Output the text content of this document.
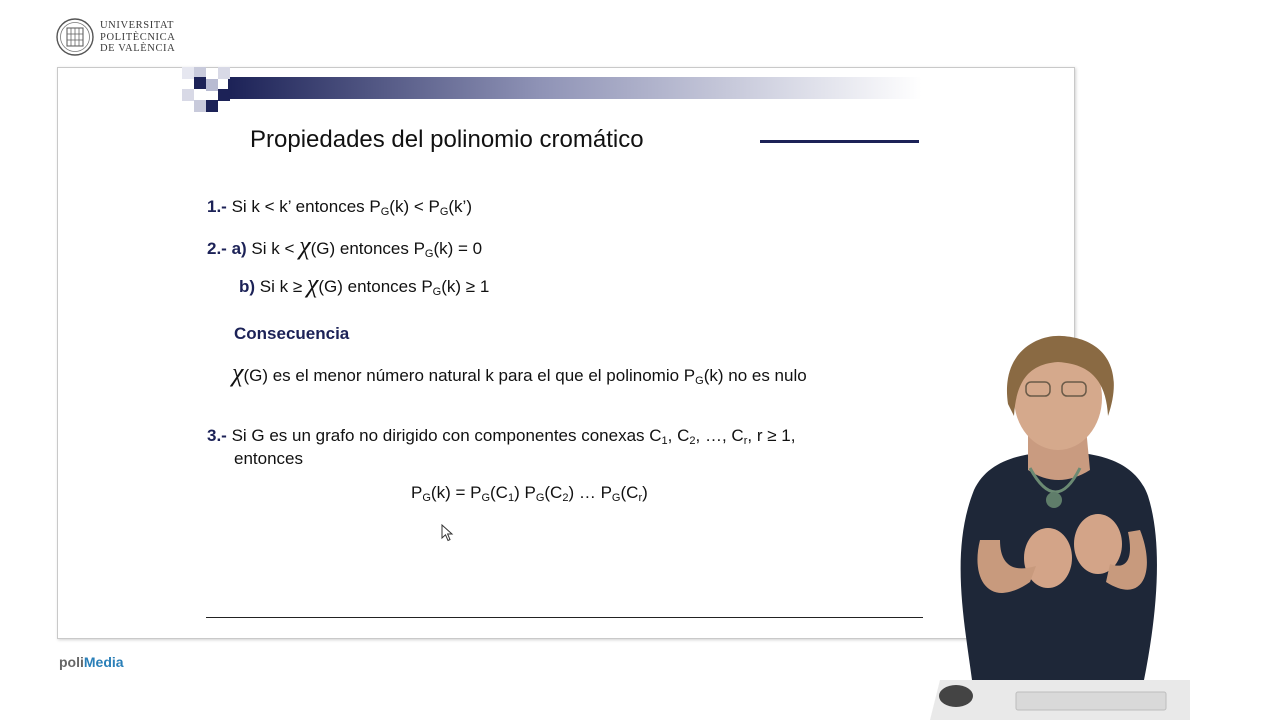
UNIVERSITAT
POLITÈCNICA
DE VALÈNCIA
Propiedades del polinomio cromático
1.- Si k < k’ entonces $P_G(k)$ < $P_G(k’)$
2.- a) Si k < χ(G) entonces $P_G(k) = 0$
b) Si k ≥ χ(G) entonces $P_G(k) \ge 1$
Consecuencia
χ(G) es el menor número natural k para el que el polinomio $P_G(k)$ no es nulo
3.- Si G es un grafo no dirigido con componentes conexas $C_1$, $C_2$, …, $C_r$, r ≥ 1,
entonces
$P_G(k) = P_G(C_1)$ $P_G(C_2)$ … $P_G(C_r)$
poliMedia
